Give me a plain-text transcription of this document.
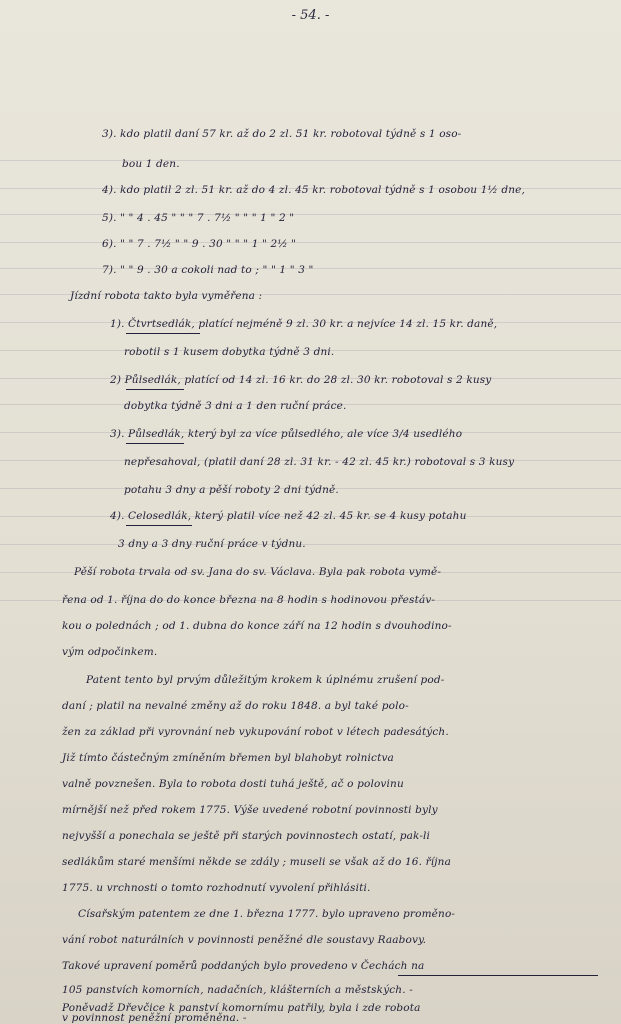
- 54. -
3). kdo platil daní 57 kr. až do 2 zl. 51 kr. robotoval týdně s 1 oso-
bou 1 den.
4). kdo platil 2 zl. 51 kr. až do 4 zl. 45 kr. robotoval týdně s 1 osobou 1½ dne,
5). " " 4 . 45 " " " 7 . 7½ " " " 1 " 2 "
6). " " 7 . 7½ " " 9 . 30 " " " 1 " 2½ "
7). " " 9 . 30 a cokoli nad to ; " " 1 " 3 "
Jízdní robota takto byla vyměřena :
1). Čtvrtsedlák, platící nejméně 9 zl. 30 kr. a nejvíce 14 zl. 15 kr. daně,
robotil s 1 kusem dobytka týdně 3 dni.
2) Půlsedlák, platící od 14 zl. 16 kr. do 28 zl. 30 kr. robotoval s 2 kusy
dobytka týdně 3 dni a 1 den ruční práce.
3). Půlsedlák, který byl za více půlsedlého, ale více 3/4 usedlého
nepřesahoval, (platil daní 28 zl. 31 kr. - 42 zl. 45 kr.) robotoval s 3 kusy
potahu 3 dny a pěší roboty 2 dni týdně.
4). Celosedlák, který platil více než 42 zl. 45 kr. se 4 kusy potahu
3 dny a 3 dny ruční práce v týdnu.
Pěší robota trvala od sv. Jana do sv. Václava. Byla pak robota vymě-
řena od 1. října do do konce března na 8 hodin s hodinovou přestáv-
kou o polednách ; od 1. dubna do konce září na 12 hodin s dvouhodino-
vým odpočinkem.
Patent tento byl prvým důležitým krokem k úplnému zrušení pod-
daní ; platil na nevalné změny až do roku 1848. a byl také polo-
žen za základ při vyrovnání neb vykupování robot v létech padesátých.
Již tímto částečným zmíněním břemen byl blahobyt rolnictva
valně povznešen. Byla to robota dosti tuhá ještě, ač o polovinu
mírnější než před rokem 1775. Výše uvedené robotní povinnosti byly
nejvyšší a ponechala se ještě při starých povinnostech ostatí, pak-li
sedlákům staré menšími někde se zdály ; museli se však až do 16. října
1775. u vrchnosti o tomto rozhodnutí vyvolení přihlásiti.
Císařským patentem ze dne 1. března 1777. bylo upraveno proměno-
vání robot naturálních v povinnosti peněžné dle soustavy Raabovy.
Takové upravení poměrů poddaných bylo provedeno v Čechách na
105 panstvích komorních, nadačních, klášterních a městských. -
Poněvadž Dřevčice k panství komornímu patřily, byla i zde robota
v povinnost peněžní proměněna. -
